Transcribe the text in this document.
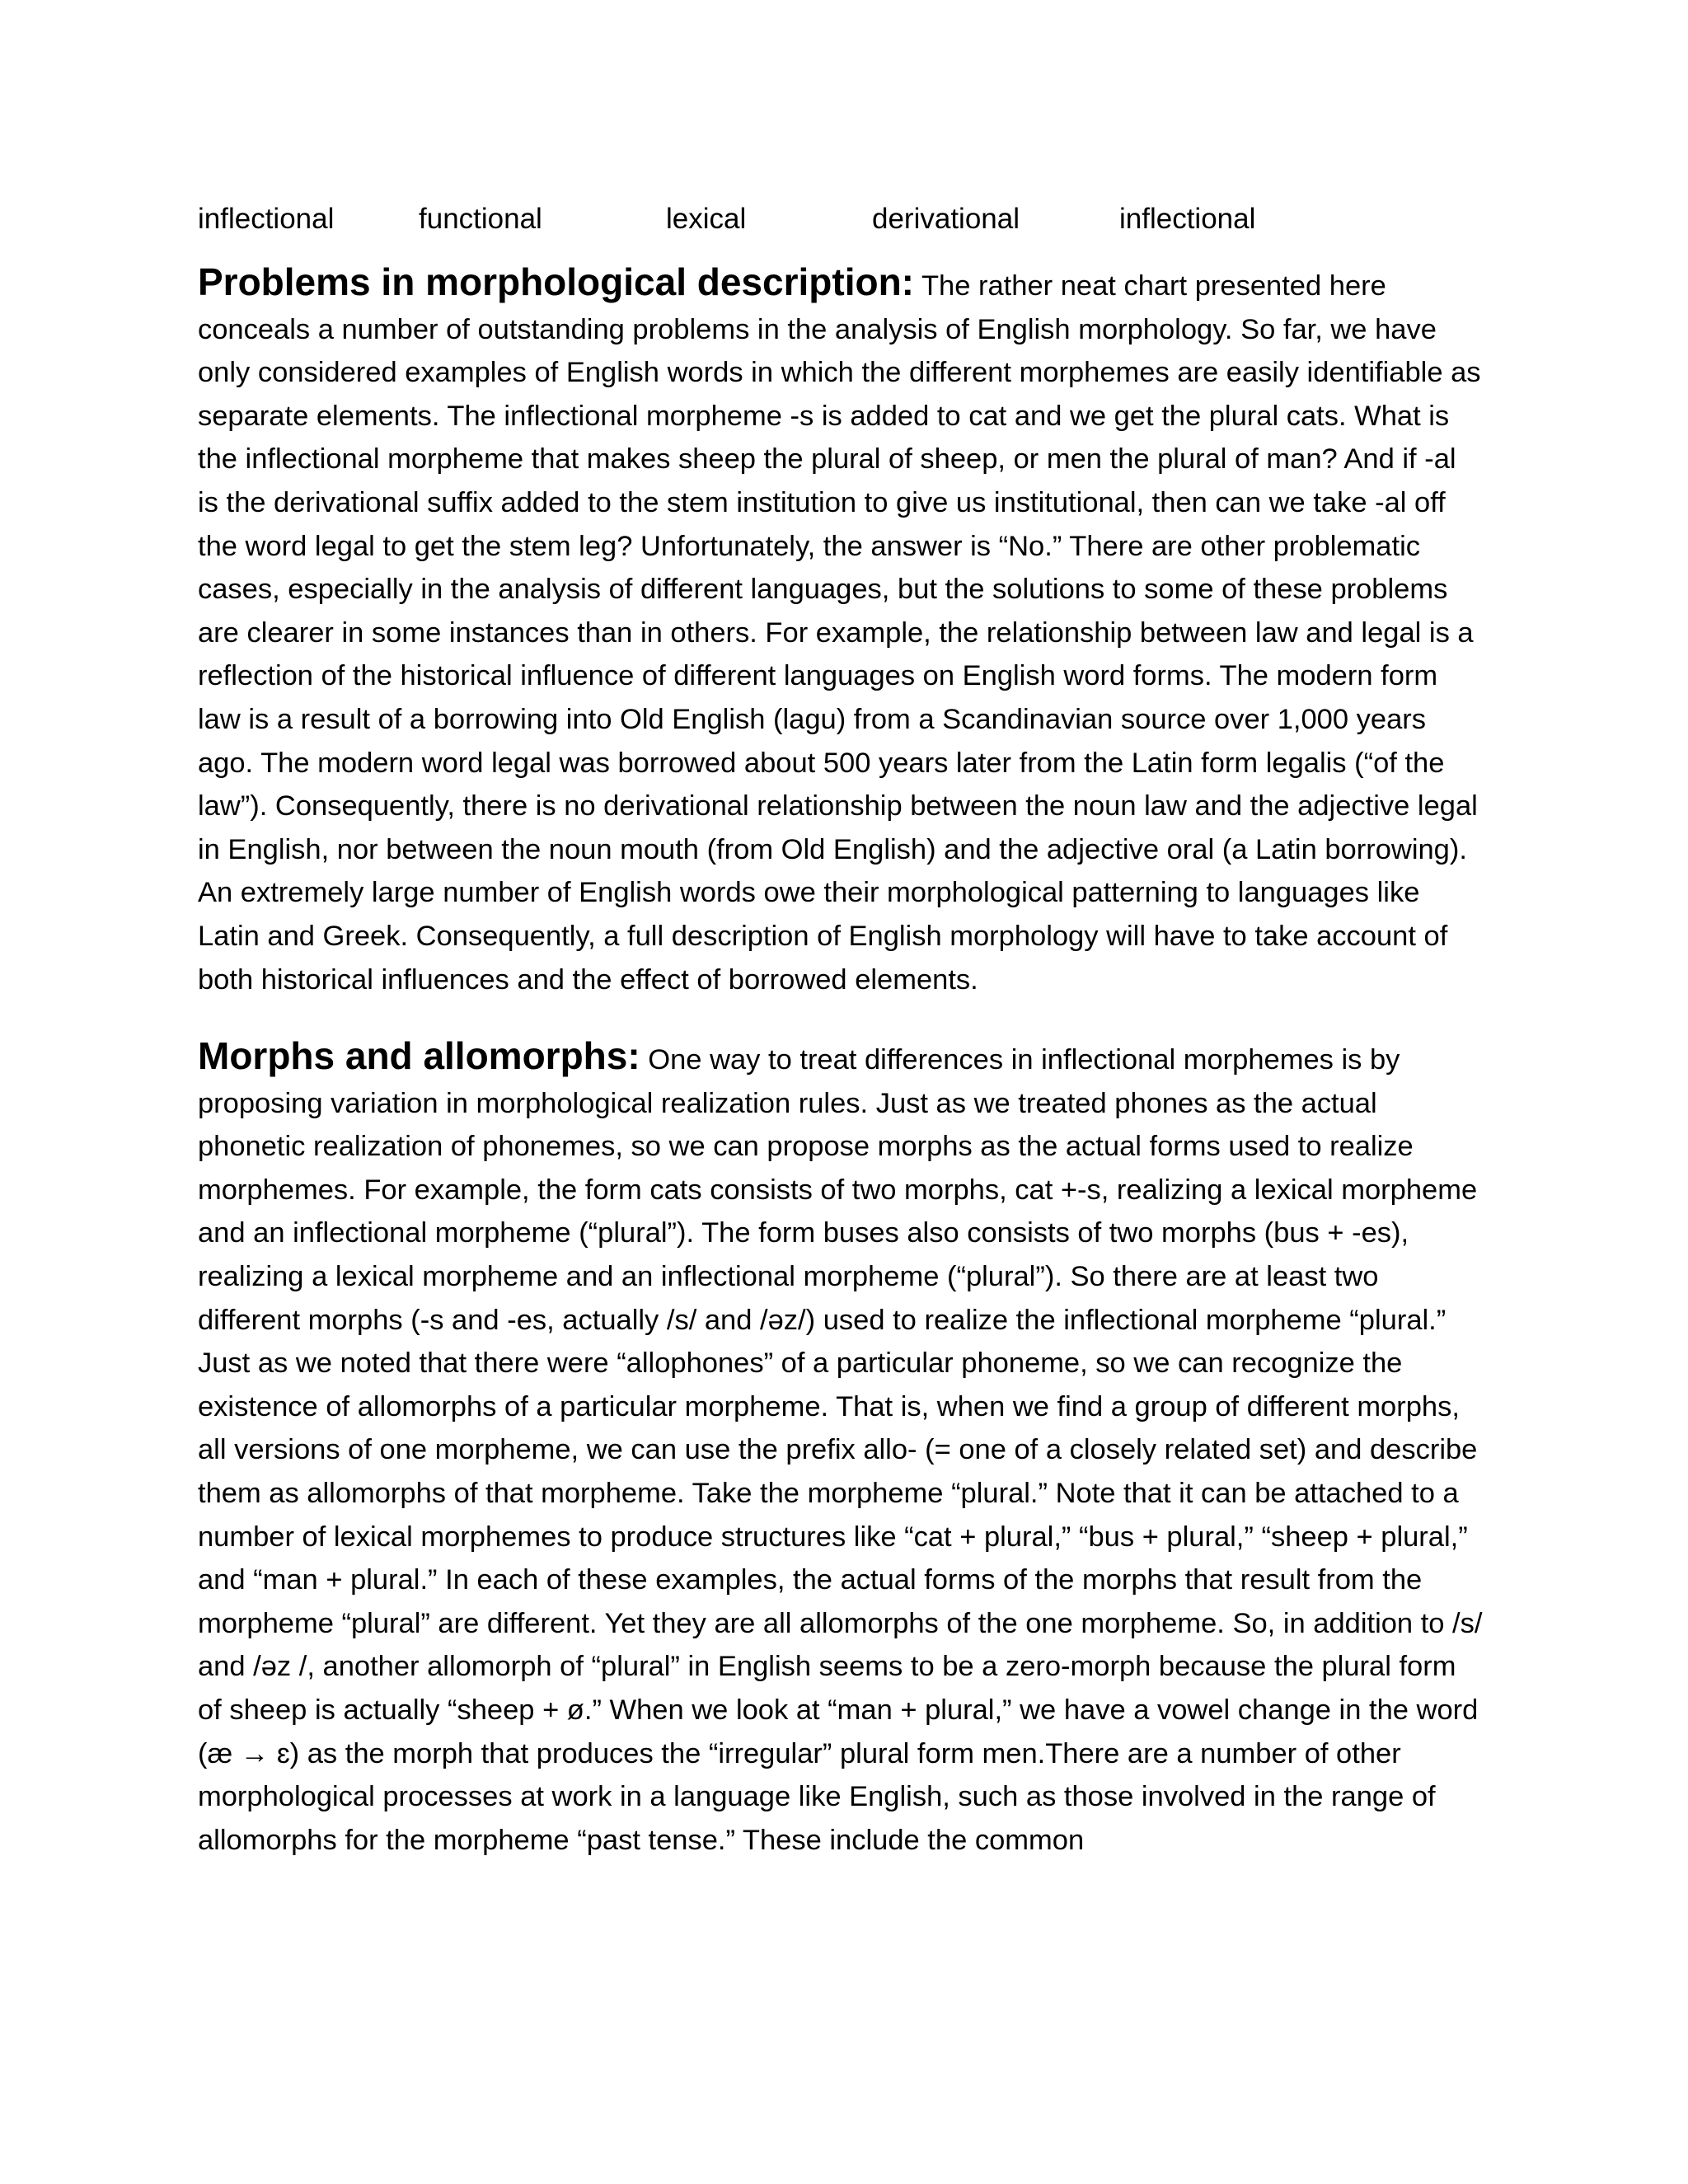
inflectional	functional	lexical	derivational	inflectional

Problems in morphological description: The rather neat chart presented here conceals a number of outstanding problems in the analysis of English morphology. So far, we have only considered examples of English words in which the different morphemes are easily identifiable as separate elements. The inflectional morpheme -s is added to cat and we get the plural cats. What is the inflectional morpheme that makes sheep the plural of sheep, or men the plural of man? And if -al is the derivational suffix added to the stem institution to give us institutional, then can we take -al off the word legal to get the stem leg? Unfortunately, the answer is “No.” There are other problematic cases, especially in the analysis of different languages, but the solutions to some of these problems are clearer in some instances than in others. For example, the relationship between law and legal is a reflection of the historical influence of different languages on English word forms. The modern form law is a result of a borrowing into Old English (lagu) from a Scandinavian source over 1,000 years ago. The modern word legal was borrowed about 500 years later from the Latin form legalis (“of the law”). Consequently, there is no derivational relationship between the noun law and the adjective legal in English, nor between the noun mouth (from Old English) and the adjective oral (a Latin borrowing). An extremely large number of English words owe their morphological patterning to languages like Latin and Greek. Consequently, a full description of English morphology will have to take account of both historical influences and the effect of borrowed elements.

Morphs and allomorphs: One way to treat differences in inflectional morphemes is by proposing variation in morphological realization rules. Just as we treated phones as the actual phonetic realization of phonemes, so we can propose morphs as the actual forms used to realize morphemes. For example, the form cats consists of two morphs, cat +-s, realizing a lexical morpheme and an inflectional morpheme (“plural”). The form buses also consists of two morphs (bus + -es), realizing a lexical morpheme and an inflectional morpheme (“plural”). So there are at least two different morphs (-s and -es, actually /s/ and /əz/) used to realize the inflectional morpheme “plural.” Just as we noted that there were “allophones” of a particular phoneme, so we can recognize the existence of allomorphs of a particular morpheme. That is, when we find a group of different morphs, all versions of one morpheme, we can use the prefix allo- (= one of a closely related set) and describe them as allomorphs of that morpheme. Take the morpheme “plural.” Note that it can be attached to a number of lexical morphemes to produce structures like “cat + plural,” “bus + plural,” “sheep + plural,” and “man + plural.” In each of these examples, the actual forms of the morphs that result from the morpheme “plural” are different. Yet they are all allomorphs of the one morpheme. So, in addition to /s/ and /əz /, another allomorph of “plural” in English seems to be a zero-morph because the plural form of sheep is actually “sheep + ø.” When we look at “man + plural,” we have a vowel change in the word (æ → ɛ) as the morph that produces the “irregular” plural form men.There are a number of other morphological processes at work in a language like English, such as those involved in the range of allomorphs for the morpheme “past tense.” These include the common
